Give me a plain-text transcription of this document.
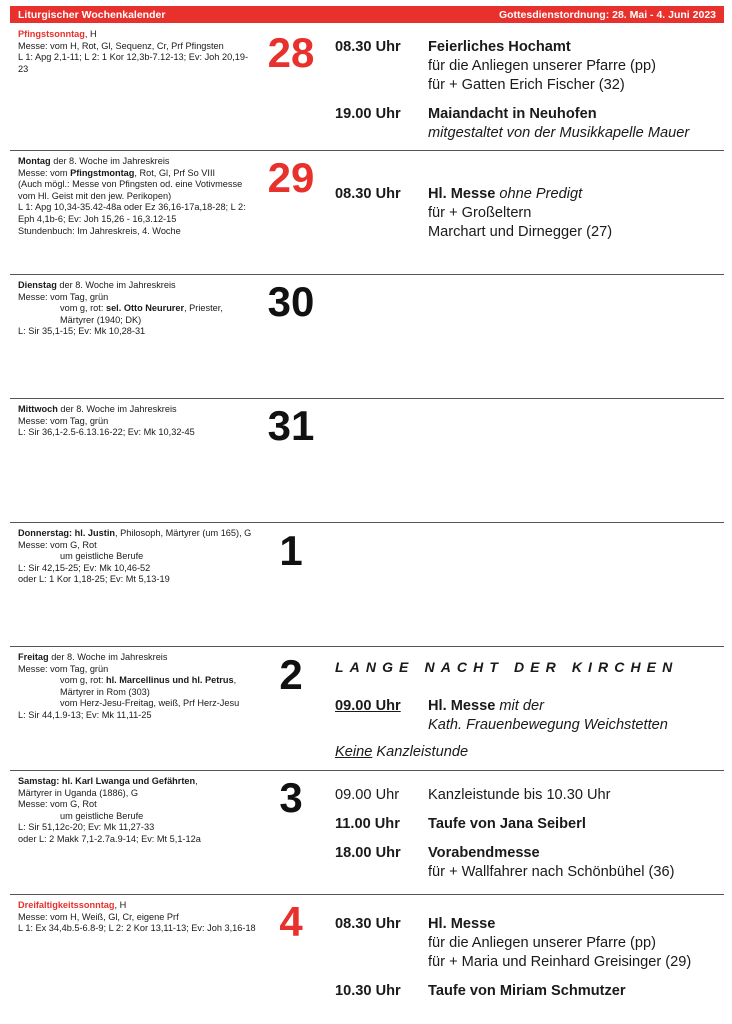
Liturgischer Wochenkalender	Gottesdienstordnung: 28. Mai - 4. Juni 2023
Pfingstsonntag, H
Messe: vom H, Rot, Gl, Sequenz, Cr, Prf Pfingsten
L 1: Apg 2,1-11; L 2: 1 Kor 12,3b-7.12-13; Ev: Joh 20,19-23	28	08.30 Uhr	Feierliches Hochamt
für die Anliegen unserer Pfarre (pp)
für + Gatten Erich Fischer (32)
19.00 Uhr	Maiandacht in Neuhofen
mitgestaltet von der Musikkapelle Mauer
Montag der 8. Woche im Jahreskreis
Messe: vom Pfingstmontag, Rot, Gl, Prf So VIII
(Auch mögl.: Messe von Pfingsten od. eine Votivmesse vom Hl. Geist mit den jew. Perikopen)
L 1: Apg 10,34-35.42-48a oder Ez 36,16-17a,18-28; L 2: Eph 4,1b-6; Ev: Joh 15,26 - 16,3.12-15
Stundenbuch: Im Jahreskreis, 4. Woche
29	08.30 Uhr	Hl. Messe ohne Predigt
für + Großeltern
Marchart und Dirnegger (27)
Dienstag der 8. Woche im Jahreskreis
Messe: vom Tag, grün
vom g, rot: sel. Otto Neururer, Priester,
Märtyrer (1940; DK)
L: Sir 35,1-15; Ev: Mk 10,28-31
30
Mittwoch der 8. Woche im Jahreskreis
Messe: vom Tag, grün
L: Sir 36,1-2.5-6.13.16-22; Ev: Mk 10,32-45	31
Donnerstag: hl. Justin, Philosoph, Märtyrer (um 165), G
Messe: vom G, Rot
um geistliche Berufe
L: Sir 42,15-25; Ev: Mk 10,46-52
oder L: 1 Kor 1,18-25; Ev: Mt 5,13-19
1
Freitag der 8. Woche im Jahreskreis
Messe: vom Tag, grün
vom g, rot: hl. Marcellinus und hl. Petrus,
Märtyrer in Rom (303)
vom Herz-Jesu-Freitag, weiß, Prf Herz-Jesu
L: Sir 44,1.9-13; Ev: Mk 11,11-25
2	LANGE NACHT DER KIRCHEN
09.00 Uhr	Hl. Messe mit der
Kath. Frauenbewegung Weichstetten
Keine Kanzleistunde
Samstag: hl. Karl Lwanga und Gefährten,
Märtyrer in Uganda (1886), G
Messe: vom G, Rot
um geistliche Berufe
L: Sir 51,12c-20; Ev: Mk 11,27-33
oder L: 2 Makk 7,1-2.7a.9-14; Ev: Mt 5,1-12a
3	09.00 Uhr	Kanzleistunde bis 10.30 Uhr
11.00 Uhr	Taufe von Jana Seiberl
18.00 Uhr	Vorabendmesse
für + Wallfahrer nach Schönbühel (36)
Dreifaltigkeitssonntag, H
Messe: vom H, Weiß, Gl, Cr, eigene Prf
L 1: Ex 34,4b.5-6.8-9; L 2: 2 Kor 13,11-13; Ev: Joh 3,16-18 4	08.30 Uhr	Hl. Messe
für die Anliegen unserer Pfarre (pp)
für + Maria und Reinhard Greisinger (29)
10.30 Uhr	Taufe von Miriam Schmutzer
